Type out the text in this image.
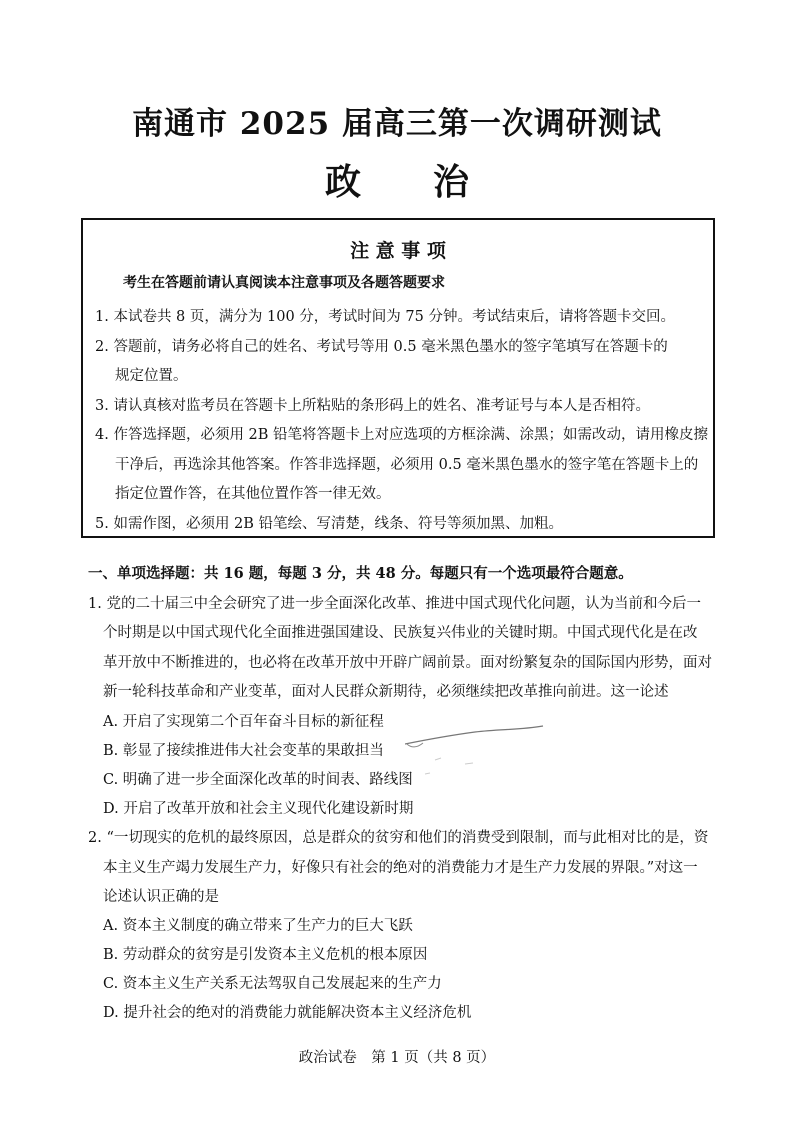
南通市 2025 届高三第一次调研测试
政　　治
注 意 事 项
考生在答题前请认真阅读本注意事项及各题答题要求
1. 本试卷共 8 页，满分为 100 分，考试时间为 75 分钟。考试结束后，请将答题卡交回。
2. 答题前，请务必将自己的姓名、考试号等用 0.5 毫米黑色墨水的签字笔填写在答题卡的
规定位置。
3. 请认真核对监考员在答题卡上所粘贴的条形码上的姓名、准考证号与本人是否相符。
4. 作答选择题，必须用 2B 铅笔将答题卡上对应选项的方框涂满、涂黑；如需改动，请用橡皮擦
干净后，再选涂其他答案。作答非选择题，必须用 0.5 毫米黑色墨水的签字笔在答题卡上的
指定位置作答，在其他位置作答一律无效。
5. 如需作图，必须用 2B 铅笔绘、写清楚，线条、符号等须加黑、加粗。
一、单项选择题：共 16 题，每题 3 分，共 48 分。每题只有一个选项最符合题意。
1. 党的二十届三中全会研究了进一步全面深化改革、推进中国式现代化问题，认为当前和今后一
个时期是以中国式现代化全面推进强国建设、民族复兴伟业的关键时期。中国式现代化是在改
革开放中不断推进的，也必将在改革开放中开辟广阔前景。面对纷繁复杂的国际国内形势，面对
新一轮科技革命和产业变革，面对人民群众新期待，必须继续把改革推向前进。这一论述
A. 开启了实现第二个百年奋斗目标的新征程
B. 彰显了接续推进伟大社会变革的果敢担当
C. 明确了进一步全面深化改革的时间表、路线图
D. 开启了改革开放和社会主义现代化建设新时期
2. “一切现实的危机的最终原因，总是群众的贫穷和他们的消费受到限制，而与此相对比的是，资
本主义生产竭力发展生产力，好像只有社会的绝对的消费能力才是生产力发展的界限。”对这一
论述认识正确的是
A. 资本主义制度的确立带来了生产力的巨大飞跃
B. 劳动群众的贫穷是引发资本主义危机的根本原因
C. 资本主义生产关系无法驾驭自己发展起来的生产力
D. 提升社会的绝对的消费能力就能解决资本主义经济危机
政治试卷　第 1 页（共 8 页）
